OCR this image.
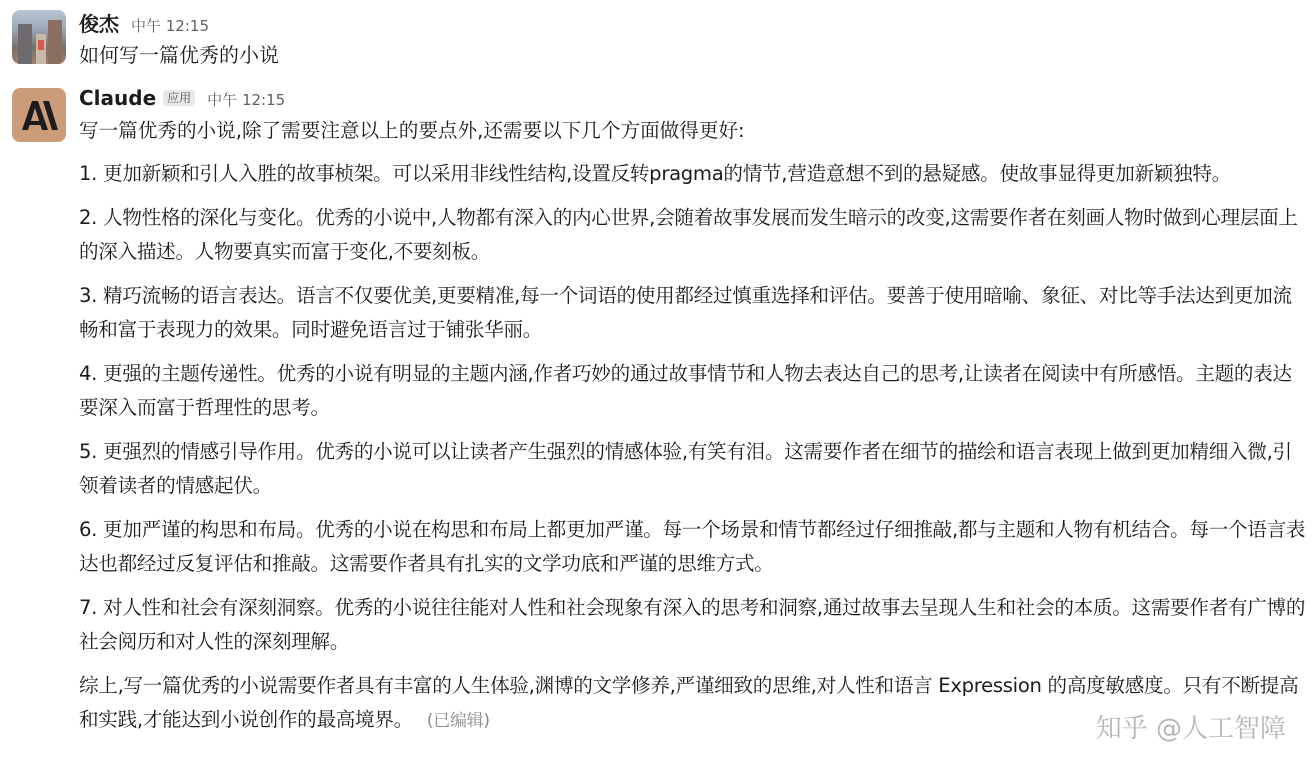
俊杰 中午 12:15
如何写一篇优秀的小说
Claude 应用 中午 12:15
写一篇优秀的小说,除了需要注意以上的要点外,还需要以下几个方面做得更好:
1. 更加新颖和引人入胜的故事桢架。可以采用非线性结构,设置反转pragma的情节,营造意想不到的悬疑感。使故事显得更加新颖独特。
2. 人物性格的深化与变化。优秀的小说中,人物都有深入的内心世界,会随着故事发展而发生暗示的改变,这需要作者在刻画人物时做到心理层面上的深入描述。人物要真实而富于变化,不要刻板。
3. 精巧流畅的语言表达。语言不仅要优美,更要精准,每一个词语的使用都经过慎重选择和评估。要善于使用暗喻、象征、对比等手法达到更加流畅和富于表现力的效果。同时避免语言过于铺张华丽。
4. 更强的主题传递性。优秀的小说有明显的主题内涵,作者巧妙的通过故事情节和人物去表达自己的思考,让读者在阅读中有所感悟。主题的表达要深入而富于哲理性的思考。
5. 更强烈的情感引导作用。优秀的小说可以让读者产生强烈的情感体验,有笑有泪。这需要作者在细节的描绘和语言表现上做到更加精细入微,引领着读者的情感起伏。
6. 更加严谨的构思和布局。优秀的小说在构思和布局上都更加严谨。每一个场景和情节都经过仔细推敲,都与主题和人物有机结合。每一个语言表达也都经过反复评估和推敲。这需要作者具有扎实的文学功底和严谨的思维方式。
7. 对人性和社会有深刻洞察。优秀的小说往往能对人性和社会现象有深入的思考和洞察,通过故事去呈现人生和社会的本质。这需要作者有广博的社会阅历和对人性的深刻理解。
综上,写一篇优秀的小说需要作者具有丰富的人生体验,渊博的文学修养,严谨细致的思维,对人性和语言 Expression 的高度敏感度。只有不断提高和实践,才能达到小说创作的最高境界。 (已编辑)	知乎 @人工智障
